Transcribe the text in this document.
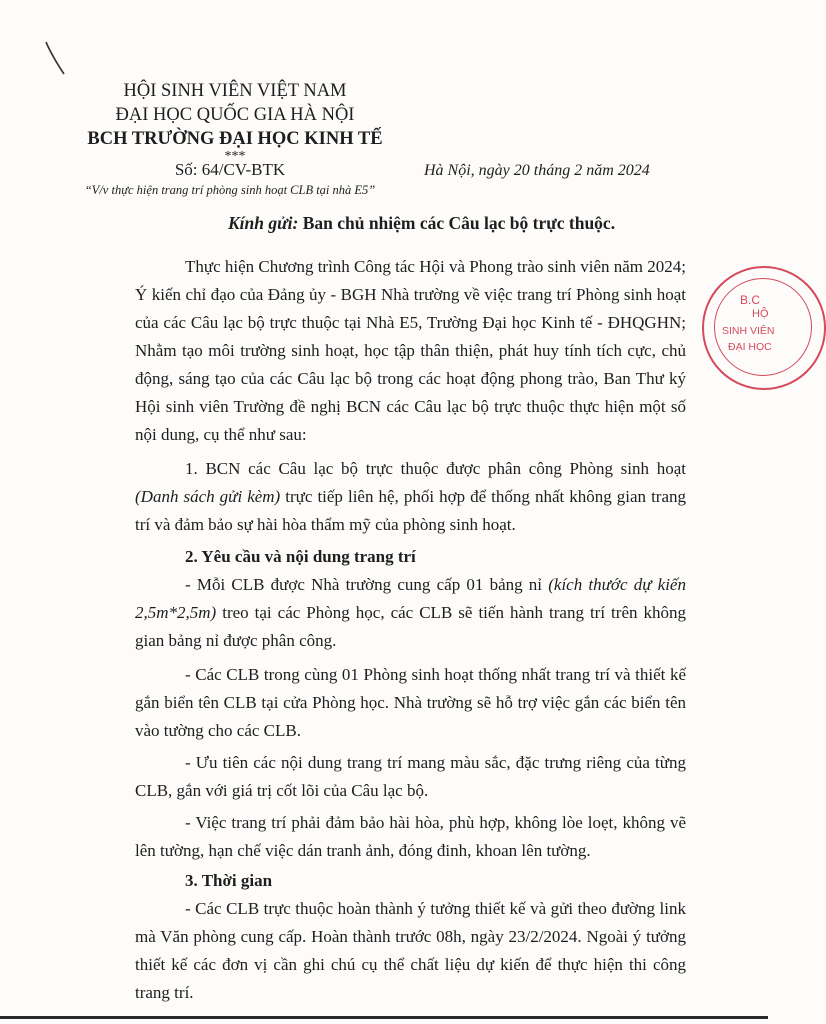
HỘI SINH VIÊN VIỆT NAM
ĐẠI HỌC QUỐC GIA HÀ NỘI
BCH TRƯỜNG ĐẠI HỌC KINH TẾ
***
Số: 64/CV-BTK
“V/v thực hiện trang trí phòng sinh hoạt CLB tại nhà E5”
Hà Nội, ngày 20 tháng 2 năm 2024
Kính gửi: Ban chủ nhiệm các Câu lạc bộ trực thuộc.

Thực hiện Chương trình Công tác Hội và Phong trào sinh viên năm 2024; Ý kiến chỉ đạo của Đảng ủy - BGH Nhà trường về việc trang trí Phòng sinh hoạt của các Câu lạc bộ trực thuộc tại Nhà E5, Trường Đại học Kinh tế - ĐHQGHN; Nhằm tạo môi trường sinh hoạt, học tập thân thiện, phát huy tính tích cực, chủ động, sáng tạo của các Câu lạc bộ trong các hoạt động phong trào, Ban Thư ký Hội sinh viên Trường đề nghị BCN các Câu lạc bộ trực thuộc thực hiện một số nội dung, cụ thể như sau:

1. BCN các Câu lạc bộ trực thuộc được phân công Phòng sinh hoạt (Danh sách gửi kèm) trực tiếp liên hệ, phối hợp để thống nhất không gian trang trí và đảm bảo sự hài hòa thẩm mỹ của phòng sinh hoạt.

2. Yêu cầu và nội dung trang trí

- Mỗi CLB được Nhà trường cung cấp 01 bảng nỉ (kích thước dự kiến 2,5m*2,5m) treo tại các Phòng học, các CLB sẽ tiến hành trang trí trên không gian bảng nỉ được phân công.

- Các CLB trong cùng 01 Phòng sinh hoạt thống nhất trang trí và thiết kế gắn biển tên CLB tại cửa Phòng học. Nhà trường sẽ hỗ trợ việc gắn các biển tên vào tường cho các CLB.

- Ưu tiên các nội dung trang trí mang màu sắc, đặc trưng riêng của từng CLB, gắn với giá trị cốt lõi của Câu lạc bộ.

- Việc trang trí phải đảm bảo hài hòa, phù hợp, không lòe loẹt, không vẽ lên tường, hạn chế việc dán tranh ảnh, đóng đinh, khoan lên tường.

3. Thời gian

- Các CLB trực thuộc hoàn thành ý tưởng thiết kế và gửi theo đường link mà Văn phòng cung cấp. Hoàn thành trước 08h, ngày 23/2/2024. Ngoài ý tưởng thiết kế các đơn vị cần ghi chú cụ thể chất liệu dự kiến để thực hiện thi công trang trí.

B.C
HỘ
SINH VIÊN
ĐẠI HỌC
